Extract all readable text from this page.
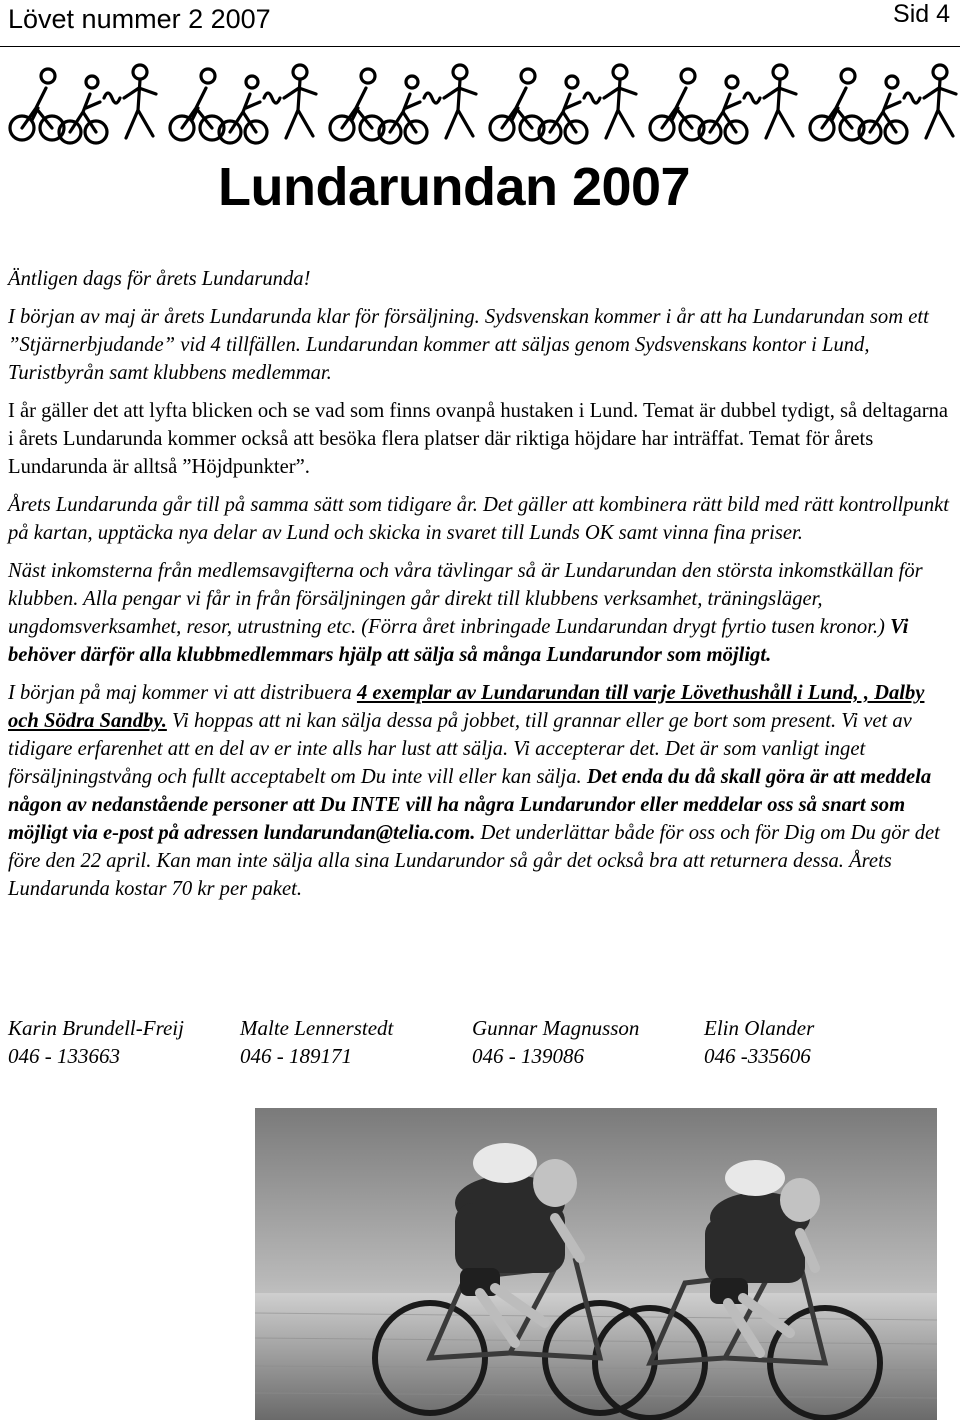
Lövet nummer 2 2007	Sid 4
Lundarundan 2007

Äntligen dags för årets Lundarunda!

I början av maj är årets Lundarunda klar för försäljning. Sydsvenskan kommer i år att ha Lundarundan som ett ”Stjärnerbjudande” vid 4 tillfällen. Lundarundan kommer att säljas genom Sydsvenskans kontor i Lund, Turistbyrån samt klubbens medlemmar.

I år gäller det att lyfta blicken och se vad som finns ovanpå hustaken i Lund. Temat är dubbel tydigt, så deltagarna i årets Lundarunda kommer också att besöka flera platser där riktiga höjdare har inträffat. Temat för årets Lundarunda är alltså ”Höjdpunkter”.

Årets Lundarunda går till på samma sätt som tidigare år. Det gäller att kombinera rätt bild med rätt kontrollpunkt på kartan, upptäcka nya delar av Lund och skicka in svaret till Lunds OK samt vinna fina priser.

Näst inkomsterna från medlemsavgifterna och våra tävlingar så är Lundarundan den största inkomstkällan för klubben. Alla pengar vi får in från försäljningen går direkt till klubbens verksamhet, träningsläger, ungdomsverksamhet, resor, utrustning etc. (Förra året inbringade Lundarundan drygt fyrtio tusen kronor.) Vi behöver därför alla klubbmedlemmars hjälp att sälja så många Lundarundor som möjligt.

I början på maj kommer vi att distribuera 4 exemplar av Lundarundan till varje Lövethushåll i Lund, , Dalby och Södra Sandby. Vi hoppas att ni kan sälja dessa på jobbet, till grannar eller ge bort som present. Vi vet av tidigare erfarenhet att en del av er inte alls har lust att sälja. Vi accepterar det. Det är som vanligt inget försäljningstvång och fullt acceptabelt om Du inte vill eller kan sälja. Det enda du då skall göra är att meddela någon av nedanstående personer att Du INTE vill ha några Lundarundor eller meddelar oss så snart som möjligt via e-post på adressen lundarundan@telia.com. Det underlättar både för oss och för Dig om Du gör det före den 22 april. Kan man inte sälja alla sina Lundarundor så går det också bra att returnera dessa. Årets Lundarunda kostar 70 kr per paket.

Karin Brundell-Freij
046 - 133663
Malte Lennerstedt
046 - 189171
Gunnar Magnusson
046 - 139086
Elin Olander
046 -335606
